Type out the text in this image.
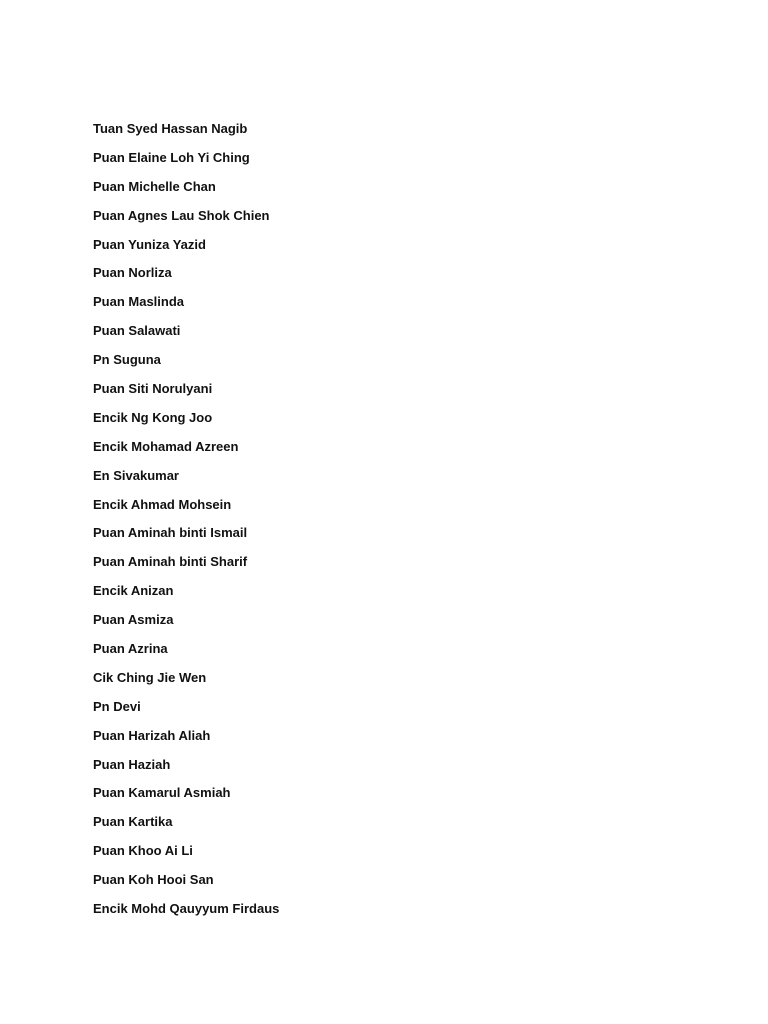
Tuan Syed Hassan Nagib
Puan Elaine Loh Yi Ching
Puan Michelle Chan
Puan Agnes Lau Shok Chien
Puan Yuniza Yazid
Puan Norliza
Puan Maslinda
Puan Salawati
Pn Suguna
Puan Siti Norulyani
Encik Ng Kong Joo
Encik Mohamad Azreen
En Sivakumar
Encik Ahmad Mohsein
Puan Aminah binti Ismail
Puan Aminah binti Sharif
Encik Anizan
Puan Asmiza
Puan Azrina
Cik Ching Jie Wen
Pn Devi
Puan Harizah Aliah
Puan Haziah
Puan Kamarul Asmiah
Puan Kartika
Puan Khoo Ai Li
Puan Koh Hooi San
Encik Mohd Qauyyum Firdaus
